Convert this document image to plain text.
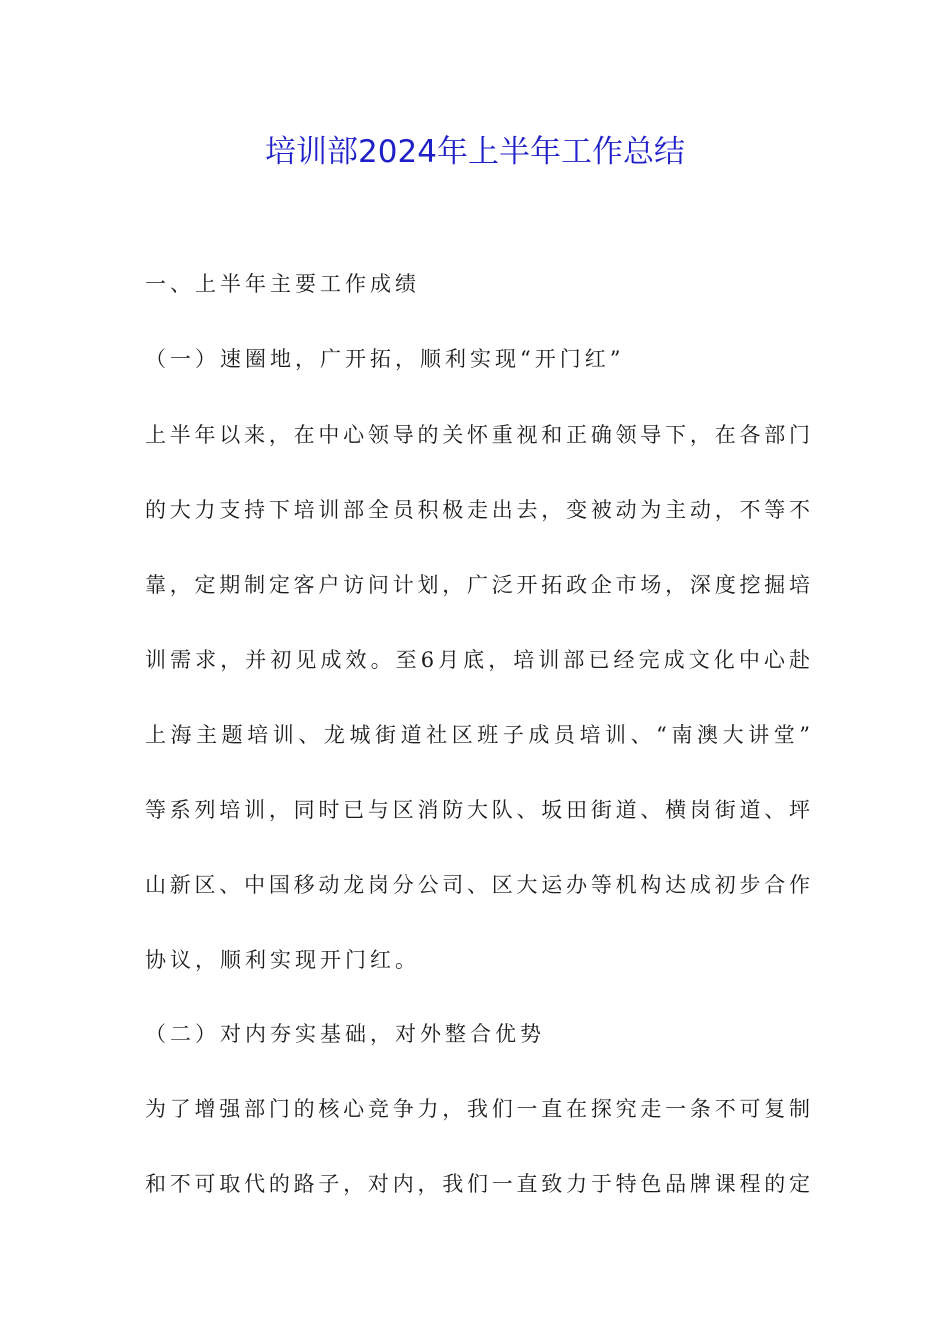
培训部2024年上半年工作总结
一、上半年主要工作成绩
（一）速圈地，广开拓，顺利实现“开门红”
上半年以来，在中心领导的关怀重视和正确领导下，在各部门
的大力支持下培训部全员积极走出去，变被动为主动，不等不
靠，定期制定客户访问计划，广泛开拓政企市场，深度挖掘培
训需求，并初见成效。至6月底，培训部已经完成文化中心赴
上海主题培训、龙城街道社区班子成员培训、“南澳大讲堂”
等系列培训，同时已与区消防大队、坂田街道、横岗街道、坪
山新区、中国移动龙岗分公司、区大运办等机构达成初步合作
协议，顺利实现开门红。
（二）对内夯实基础，对外整合优势
为了增强部门的核心竞争力，我们一直在探究走一条不可复制
和不可取代的路子，对内，我们一直致力于特色品牌课程的定
